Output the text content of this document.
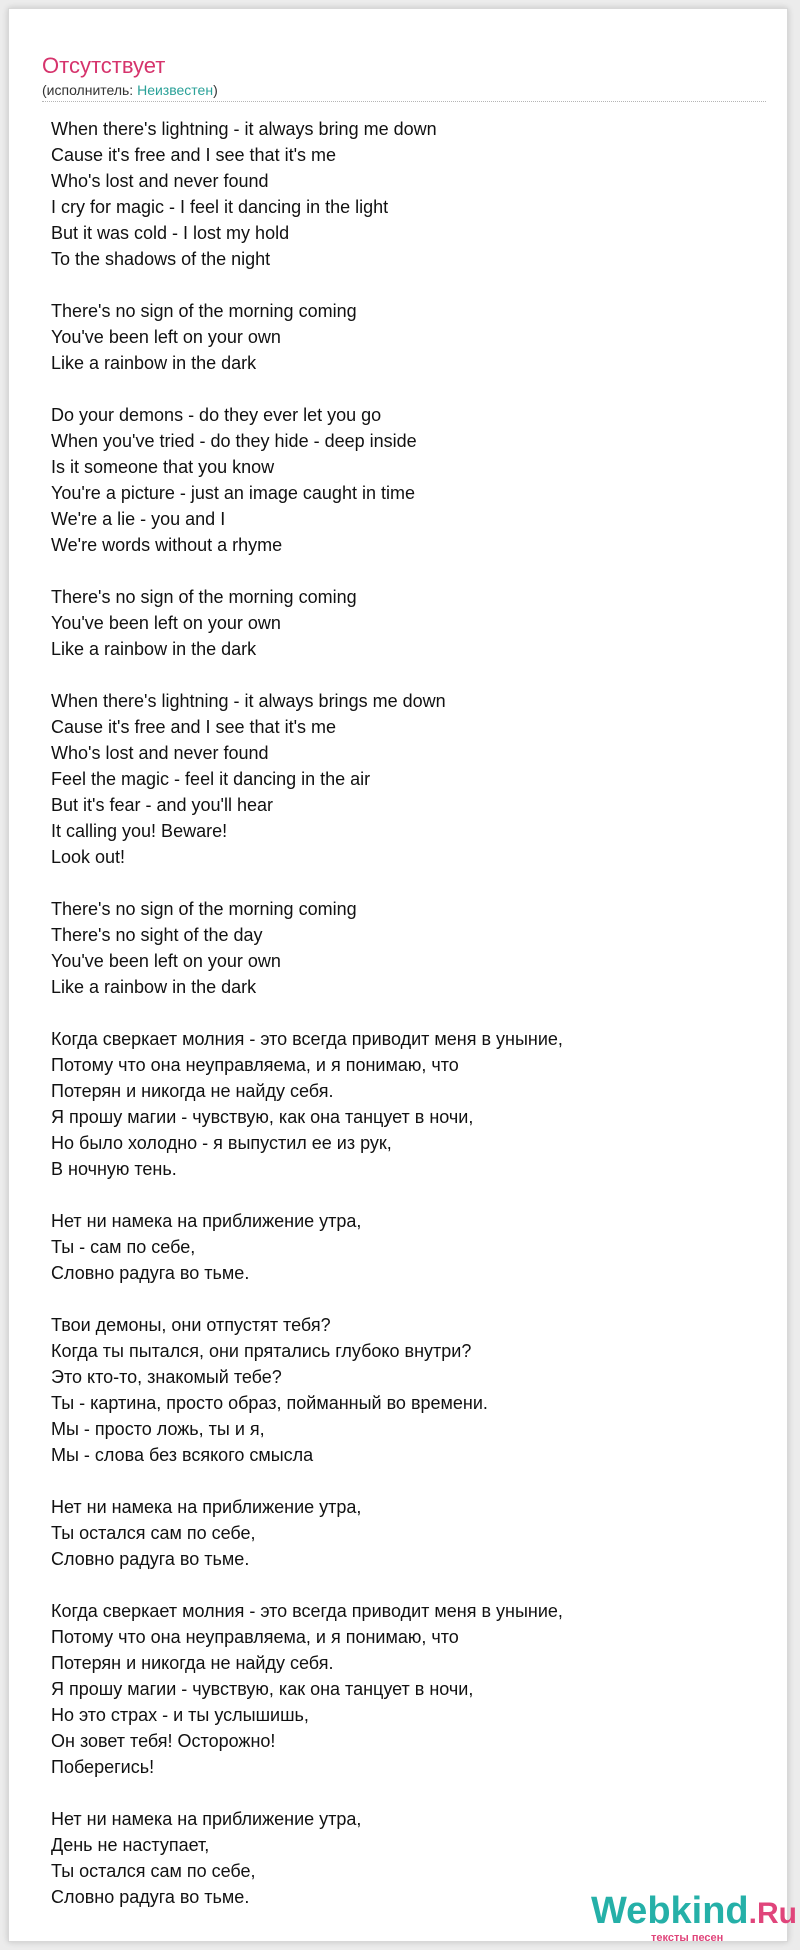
Отсутствует
(исполнитель: Неизвестен)
When there's lightning - it always bring me down
Cause it's free and I see that it's me
Who's lost and never found
I cry for magic - I feel it dancing in the light
But it was cold - I lost my hold
To the shadows of the night
There's no sign of the morning coming
You've been left on your own
Like a rainbow in the dark
Do your demons - do they ever let you go
When you've tried - do they hide - deep inside
Is it someone that you know
You're a picture - just an image caught in time
We're a lie - you and I
We're words without a rhyme
There's no sign of the morning coming
You've been left on your own
Like a rainbow in the dark
When there's lightning - it always brings me down
Cause it's free and I see that it's me
Who's lost and never found
Feel the magic - feel it dancing in the air
But it's fear - and you'll hear
It calling you! Beware!
Look out!
There's no sign of the morning coming
There's no sight of the day
You've been left on your own
Like a rainbow in the dark
Когда сверкает молния - это всегда приводит меня в уныние,
Потому что она неуправляема, и я понимаю, что
Потерян и никогда не найду себя.
Я прошу магии - чувствую, как она танцует в ночи,
Но было холодно - я выпустил ее из рук,
В ночную тень.
Нет ни намека на приближение утра,
Ты - сам по себе,
Словно радуга во тьме.
Твои демоны, они отпустят тебя?
Когда ты пытался, они прятались глубоко внутри?
Это кто-то, знакомый тебе?
Ты - картина, просто образ, пойманный во времени.
Мы - просто ложь, ты и я,
Мы - слова без всякого смысла
Нет ни намека на приближение утра,
Ты остался сам по себе,
Словно радуга во тьме.
Когда сверкает молния - это всегда приводит меня в уныние,
Потому что она неуправляема, и я понимаю, что
Потерян и никогда не найду себя.
Я прошу магии - чувствую, как она танцует в ночи,
Но это страх - и ты услышишь,
Он зовет тебя! Осторожно!
Поберегись!
Нет ни намека на приближение утра,
День не наступает,
Ты остался сам по себе,
Словно радуга во тьме.	Webkind.Ru
тексты песен
